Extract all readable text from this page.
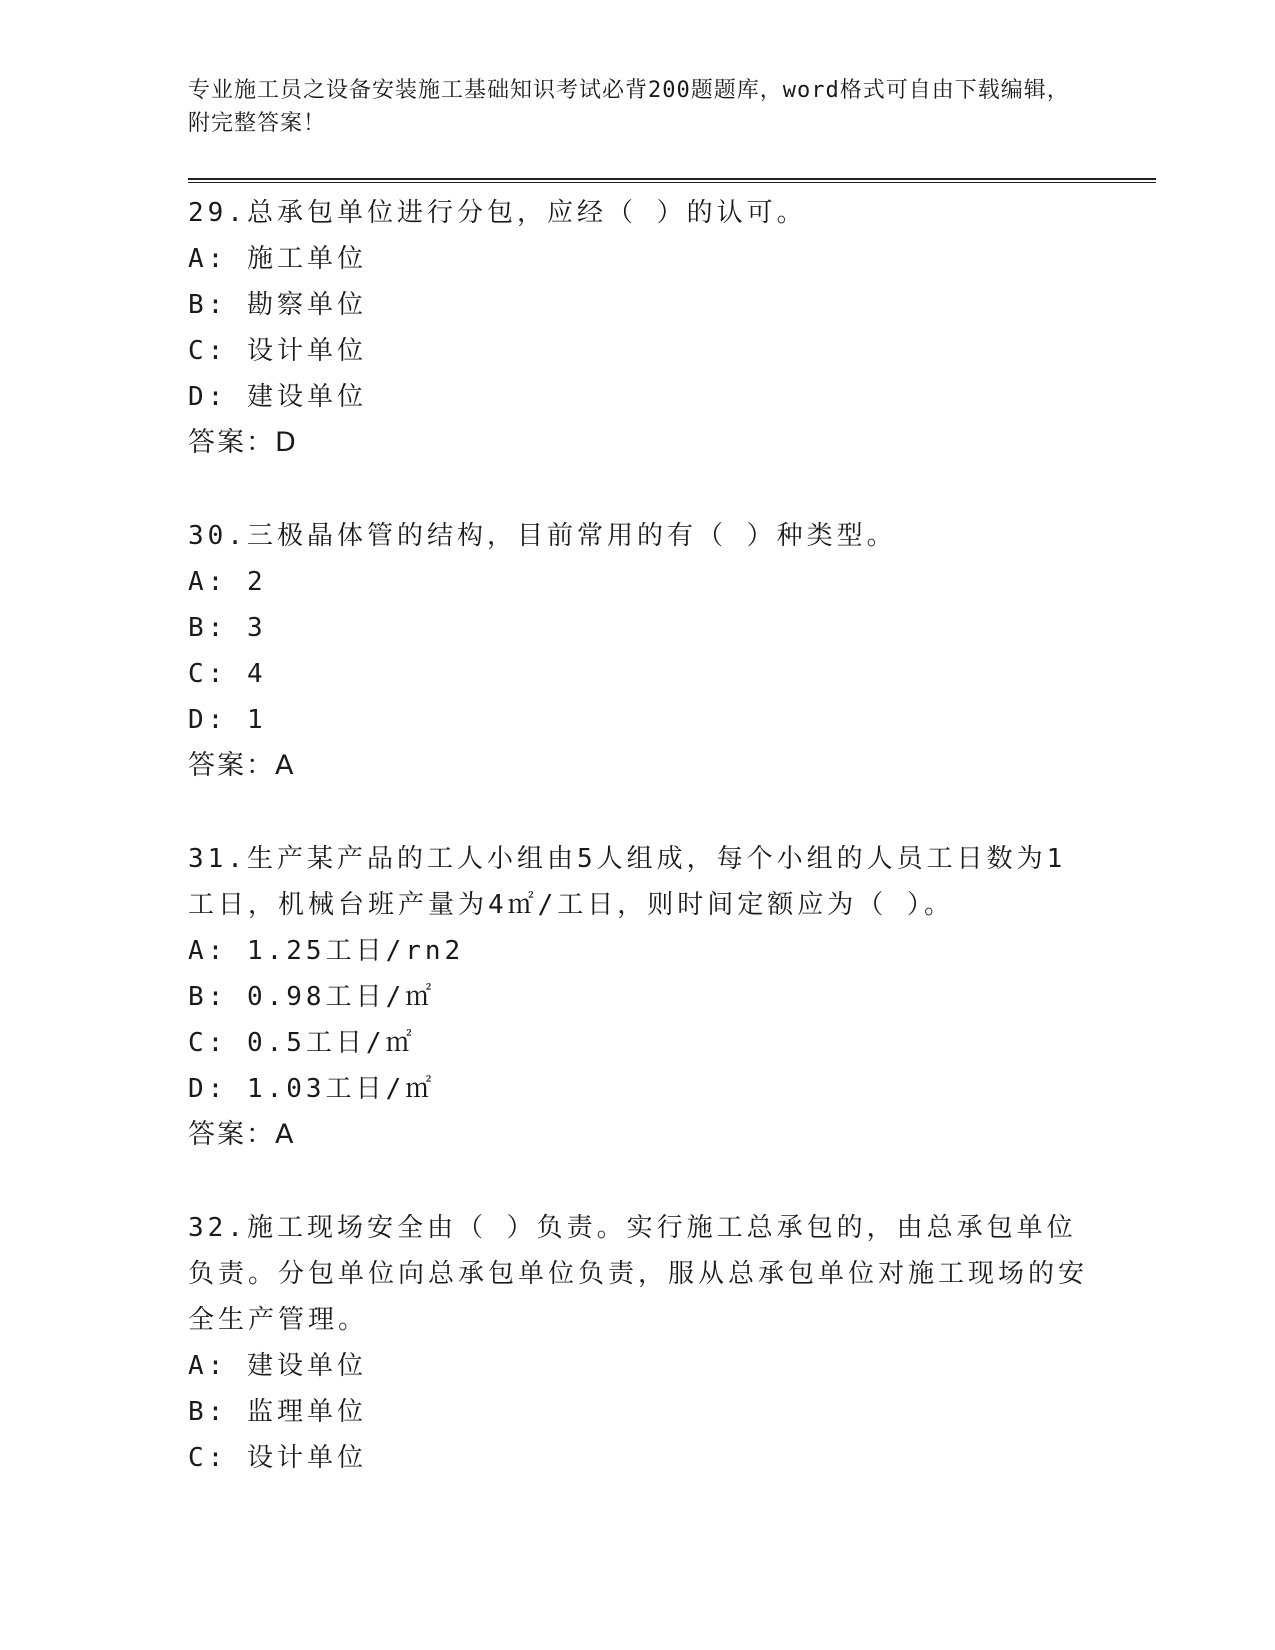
专业施工员之设备安装施工基础知识考试必背200题题库，word格式可自由下载编辑，附完整答案！

29.总承包单位进行分包，应经（ ）的认可。

A: 施工单位

B: 勘察单位

C: 设计单位

D: 建设单位

答案：D

30.三极晶体管的结构，目前常用的有（ ）种类型。

A: 2

B: 3

C: 4

D: 1

答案：A

31.生产某产品的工人小组由5人组成，每个小组的人员工日数为1工日，机械台班产量为4㎡/工日，则时间定额应为（ ）。

A: 1.25工日/rn2

B: 0.98工日/㎡

C: 0.5工日/㎡

D: 1.03工日/㎡

答案：A

32.施工现场安全由（ ）负责。实行施工总承包的，由总承包单位负责。分包单位向总承包单位负责，服从总承包单位对施工现场的安全生产管理。

A: 建设单位

B: 监理单位

C: 设计单位
